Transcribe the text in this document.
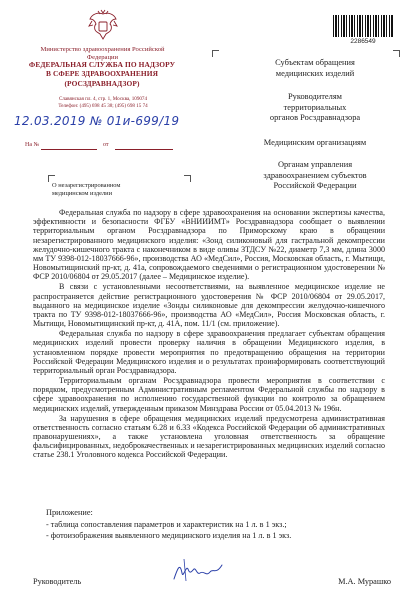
Министерство здравоохранения Российской Федерации
ФЕДЕРАЛЬНАЯ СЛУЖБА ПО НАДЗОРУ
В СФЕРЕ ЗДРАВООХРАНЕНИЯ
(РОСЗДРАВНАДЗОР)
Славянская пл. 4, стр. 1, Москва, 109074
Телефон: (495) 698 45 38; (495) 698 15 74
12.03.2019 № 01и-699/19
На №	от
О незарегистрированном
медицинском изделии
2286549
Субъектам обращения
медицинских изделий
Руководителям
территориальных
органов Росздравнадзора
Медицинским организациям
Органам управления
здравоохранением субъектов
Российской Федерации

Федеральная служба по надзору в сфере здравоохранения на основании экспертизы качества, эффективности и безопасности ФГБУ «ВНИИИМТ» Росздравнадзора сообщает о выявлении территориальным органом Росздравнадзора по Приморскому краю в обращении незарегистрированного медицинского изделия: «Зонд силиконовый для гастральной декомпрессии желудочно-кишечного тракта с наконечником в виде оливы ЗТДСУ №22, диаметр 7,3 мм, длина 3000 мм ТУ 9398-012-18037666-96», производства АО «МедСил», Россия, Московская область, г. Мытищи, Новомытищинский пр-кт, д. 41а, сопровождаемого сведениями о регистрационном удостоверении № ФСР 2010/06804 от 29.05.2017 (далее – Медицинское изделие).

В связи с установленными несоответствиями, на выявленное медицинское изделие не распространяется действие регистрационного удостоверения № ФСР 2010/06804 от 29.05.2017, выданного на медицинское изделие «Зонды силиконовые для декомпрессии желудочно-кишечного тракта по ТУ 9398-012-18037666-96», производства АО «МедСил», Россия Московская область, г. Мытищи, Новомытищинский пр-кт, д. 41А, пом. 11/1 (см. приложение).

Федеральная служба по надзору в сфере здравоохранения предлагает субъектам обращения медицинских изделий провести проверку наличия в обращении Медицинского изделия, в установленном порядке провести мероприятия по предотвращению обращения на территории Российской Федерации Медицинского изделия и о результатах проинформировать соответствующий территориальный орган Росздравнадзора.

Территориальным органам Росздравнадзора провести мероприятия в соответствии с порядком, предусмотренным Административным регламентом Федеральной службы по надзору в сфере здравоохранения по исполнению государственной функции по контролю за обращением медицинских изделий, утвержденным приказом Минздрава России от 05.04.2013 № 196н.

За нарушения в сфере обращения медицинских изделий предусмотрена административная ответственность согласно статьям 6.28 и 6.33 «Кодекса Российской Федерации об административных правонарушениях», а также установлена уголовная ответственность за обращение фальсифицированных, недоброкачественных и незарегистрированных медицинских изделий согласно статье 238.1 Уголовного кодекса Российской Федерации.

Приложение:
- таблица сопоставления параметров и характеристик на 1 л. в 1 экз.;
- фотоизображения выявленного медицинского изделия на 1 л. в 1 экз.
Руководитель	М.А. Мурашко
